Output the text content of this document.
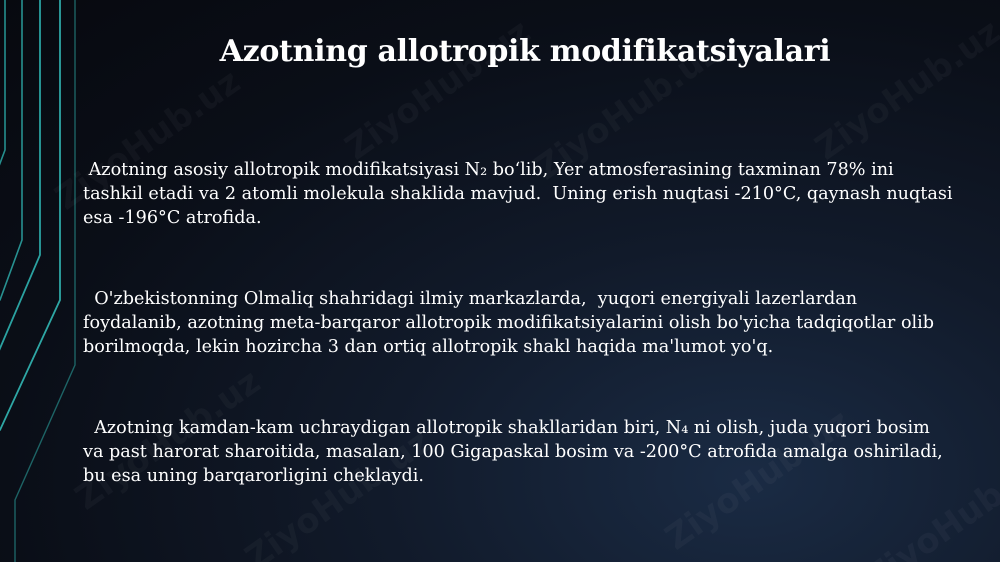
Azotning allotropik modifikatsiyalari

Azotning asosiy allotropik modifikatsiyasi N₂ bo‘lib, Yer atmosferasining taxminan 78% ini tashkil etadi va 2 atomli molekula shaklida mavjud.  Uning erish nuqtasi -210°C, qaynash nuqtasi esa -196°C atrofida.

O'zbekistonning Olmaliq shahridagi ilmiy markazlarda,  yuqori energiyali lazerlardan foydalanib, azotning meta-barqaror allotropik modifikatsiyalarini olish bo'yicha tadqiqotlar olib borilmoqda, lekin hozircha 3 dan ortiq allotropik shakl haqida ma'lumot yo'q.

Azotning kamdan-kam uchraydigan allotropik shakllaridan biri, N₄ ni olish, juda yuqori bosim va past harorat sharoitida, masalan, 100 Gigapaskal bosim va -200°C atrofida amalga oshiriladi, bu esa uning barqarorligini cheklaydi.
